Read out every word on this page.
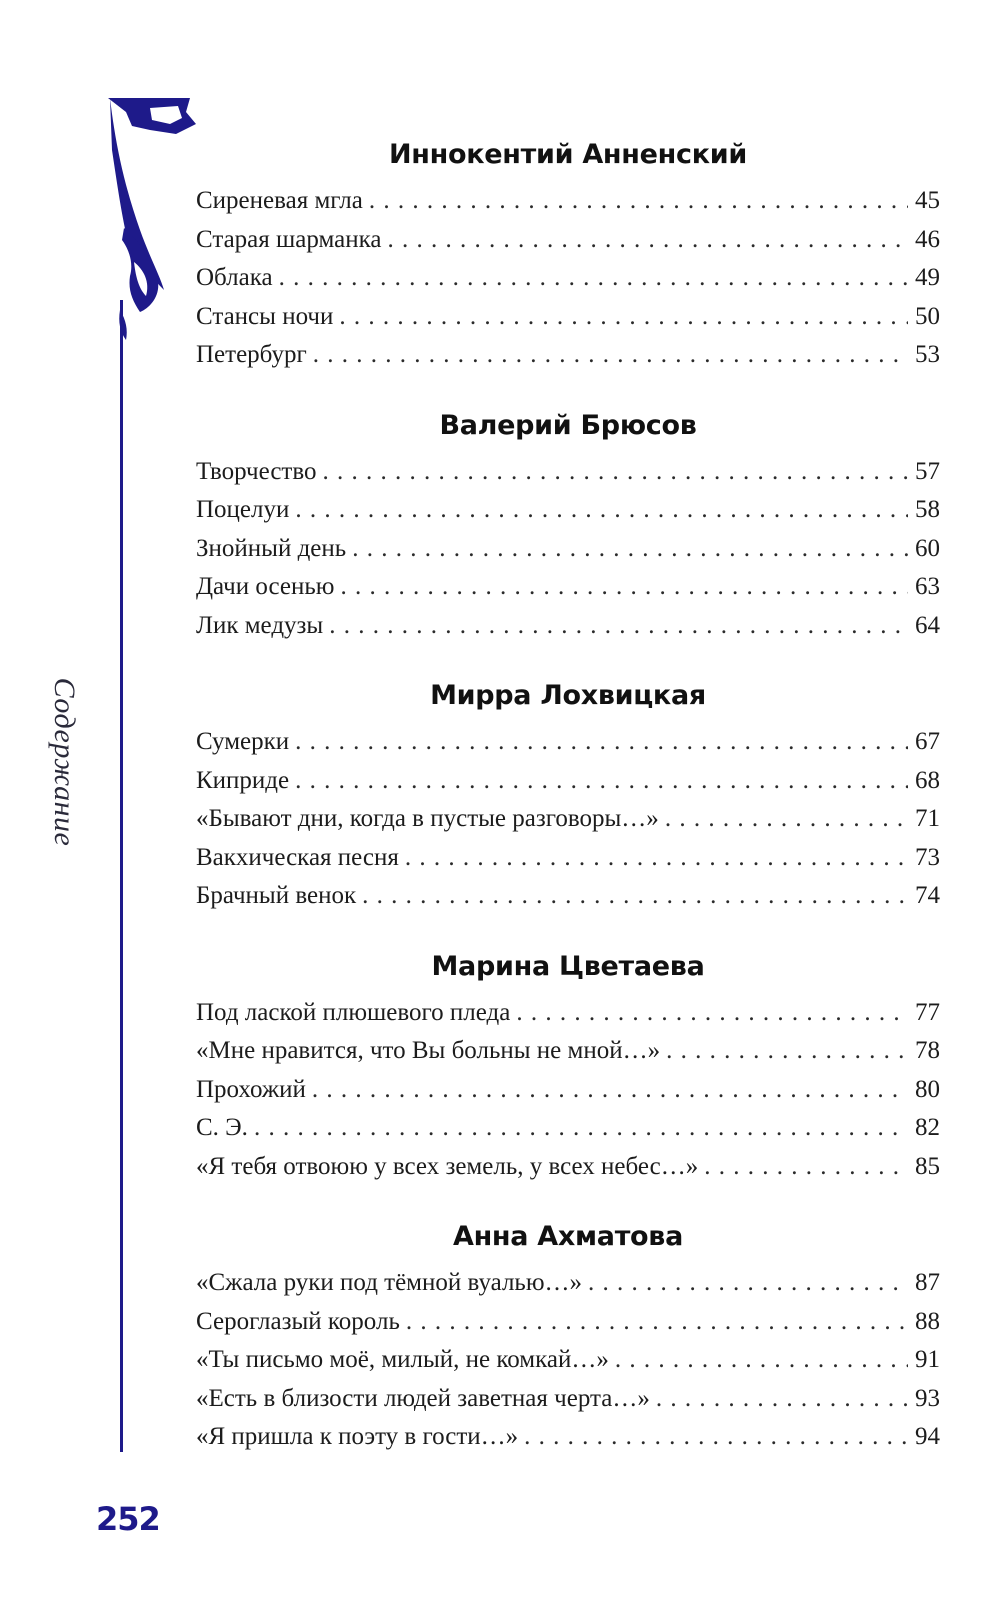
Содержание
252
Иннокентий Анненский
Сиреневая мгла . . .	45
Старая шарманка . . .	46
Облака . . .	49
Стансы ночи . . .	50
Петербург . . .	53
Валерий Брюсов
Творчество . . .	57
Поцелуи . . .	58
Знойный день . . .	60
Дачи осенью . . .	63
Лик медузы . . .	64
Мирра Лохвицкая
Сумерки . . .	67
Киприде . . .	68
«Бывают дни, когда в пустые разговоры…» . . .	71
Вакхическая песня . . .	73
Брачный венок . . .	74
Марина Цветаева
Под лаской плюшевого пледа . . .	77
«Мне нравится, что Вы больны не мной…» . . .	78
Прохожий . . .	80
С. Э. . . .	82
«Я тебя отвоюю у всех земель, у всех небес…» . . .	85
Анна Ахматова
«Сжала руки под тёмной вуалью…» . . .	87
Сероглазый король . . .	88
«Ты письмо моё, милый, не комкай…» . . .	91
«Есть в близости людей заветная черта…» . . .	93
«Я пришла к поэту в гости…» . . .	94
